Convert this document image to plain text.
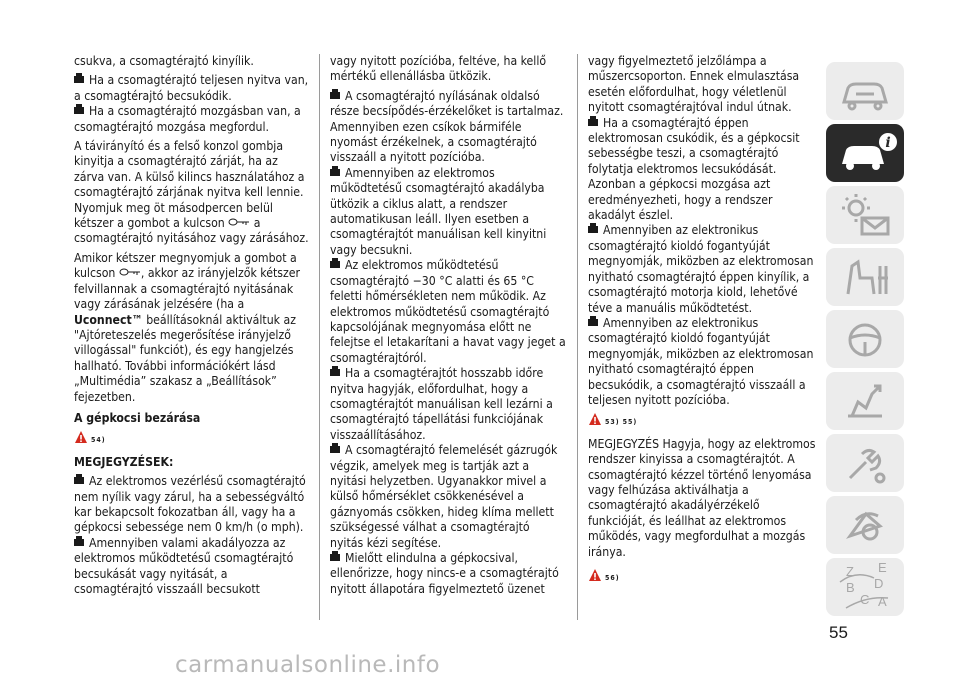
csukva, a csomagtérajtó kinyílik.

Ha a csomagtérajtó teljesen nyitva van, a csomagtérajtó becsukódik.

Ha a csomagtérajtó mozgásban van, a csomagtérajtó mozgása megfordul.

A távirányító és a felső konzol gombja kinyitja a csomagtérajtó zárját, ha az zárva van. A külső kilincs használatához a csomagtérajtó zárjának nyitva kell lennie. Nyomjuk meg öt másodpercen belül kétszer a gombot a kulcson a csomagtérajtó nyitásához vagy zárásához.

Amikor kétszer megnyomjuk a gombot a kulcson , akkor az irányjelzők kétszer felvillannak a csomagtérajtó nyitásának vagy zárásának jelzésére (ha a Uconnect™ beállításoknál aktiváltuk az "Ajtóreteszelés megerősítése irányjelző villogással" funkciót), és egy hangjelzés hallható. További információkért lásd „Multimédia” szakasz a „Beállítások” fejezetben.

A gépkocsi bezárása
54)
MEGJEGYZÉSEK:

Az elektromos vezérlésű csomagtérajtó nem nyílik vagy zárul, ha a sebességváltó kar bekapcsolt fokozatban áll, vagy ha a gépkocsi sebessége nem 0 km/h (o mph).

Amennyiben valami akadályozza az elektromos működtetésű csomagtérajtó becsukását vagy nyitását, a csomagtérajtó visszaáll becsukott

vagy nyitott pozícióba, feltéve, ha kellő mértékű ellenállásba ütközik.

A csomagtérajtó nyílásának oldalsó része becsípődés-érzékelőket is tartalmaz. Amennyiben ezen csíkok bármiféle nyomást érzékelnek, a csomagtérajtó visszaáll a nyitott pozícióba.

Amennyiben az elektromos működtetésű csomagtérajtó akadályba ütközik a ciklus alatt, a rendszer automatikusan leáll. Ilyen esetben a csomagtérajtót manuálisan kell kinyitni vagy becsukni.

Az elektromos működtetésű csomagtérajtó −30 °C alatti és 65 °C feletti hőmérsékleten nem működik. Az elektromos működtetésű csomagtérajtó kapcsolójának megnyomása előtt ne felejtse el letakarítani a havat vagy jeget a csomagtérajtóról.

Ha a csomagtérajtót hosszabb időre nyitva hagyják, előfordulhat, hogy a csomagtérajtót manuálisan kell lezárni a csomagtérajtó tápellátási funkciójának visszaállításához.

A csomagtérajtó felemelését gázrugók végzik, amelyek meg is tartják azt a nyitási helyzetben. Ugyanakkor mivel a külső hőmérséklet csökkenésével a gáznyomás csökken, hideg klíma mellett szükségessé válhat a csomagtérajtó nyitás kézi segítése.

Mielőtt elindulna a gépkocsival, ellenőrizze, hogy nincs-e a csomagtérajtó nyitott állapotára figyelmeztető üzenet

vagy figyelmeztető jelzőlámpa a műszercsoporton. Ennek elmulasztása esetén előfordulhat, hogy véletlenül nyitott csomagtérajtóval indul útnak.

Ha a csomagtérajtó éppen elektromosan csukódik, és a gépkocsit sebességbe teszi, a csomagtérajtó folytatja elektromos lecsukódását. Azonban a gépkocsi mozgása azt eredményezheti, hogy a rendszer akadályt észlel.

Amennyiben az elektronikus csomagtérajtó kioldó fogantyúját megnyomják, miközben az elektromosan nyitható csomagtérajtó éppen kinyílik, a csomagtérajtó motorja kiold, lehetővé téve a manuális működtetést.

Amennyiben az elektronikus csomagtérajtó kioldó fogantyúját megnyomják, miközben az elektromosan nyitható csomagtérajtó éppen becsukódik, a csomagtérajtó visszaáll a teljesen nyitott pozícióba.

53) 55)

MEGJEGYZÉS Hagyja, hogy az elektromos rendszer kinyissa a csomagtérajtót. A csomagtérajtó kézzel történő lenyomása vagy felhúzása aktiválhatja a csomagtérajtó akadályérzékelő funkcióját, és leállhat az elektromos működés, vagy megfordulhat a mozgás iránya.

56)
i
Z E
B D
C A
55
carmanualsonline.info
